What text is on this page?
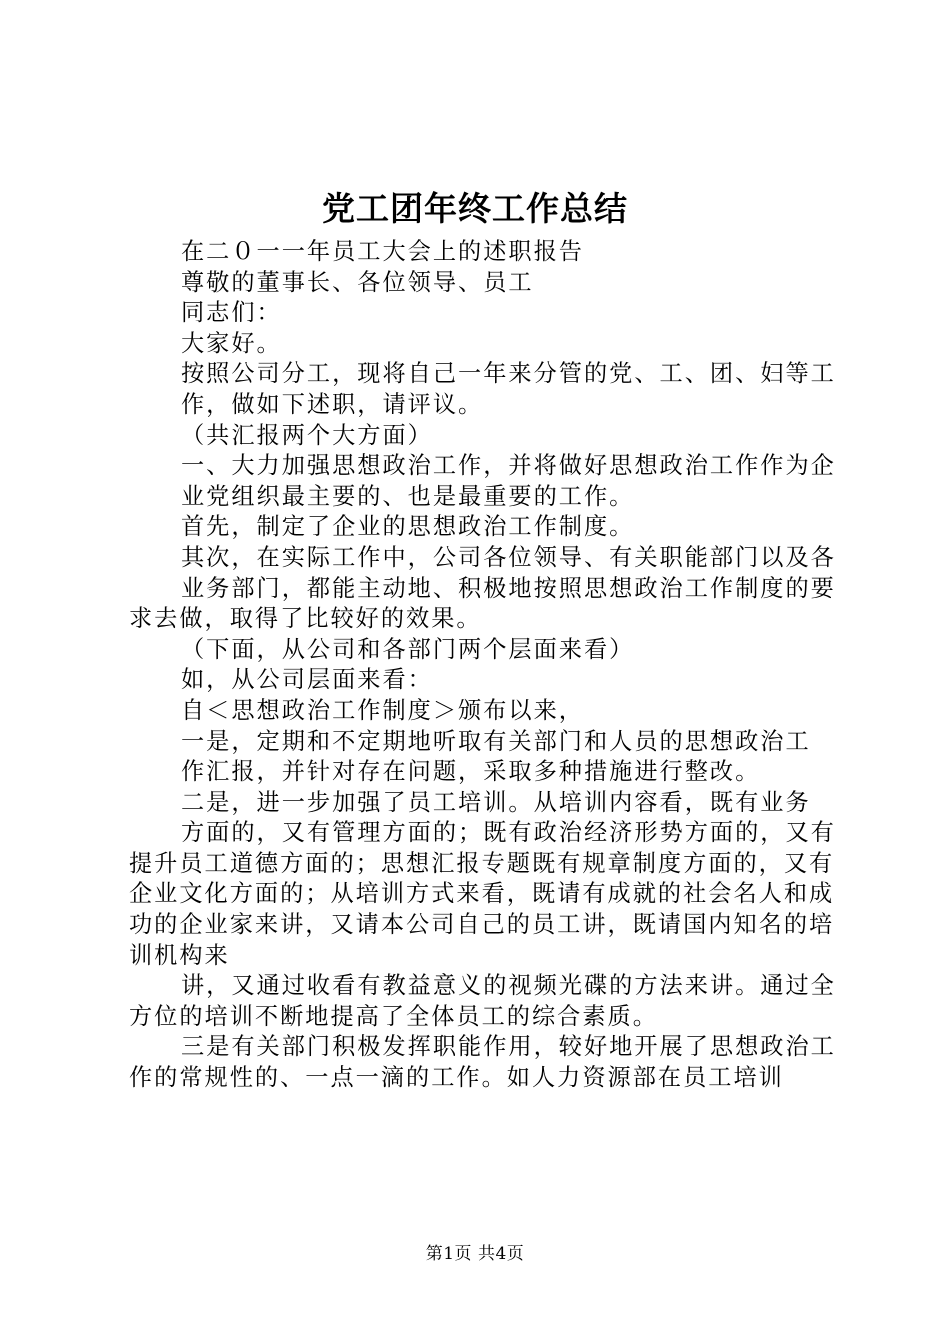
党工团年终工作总结

在二０一一年员工大会上的述职报告

尊敬的董事长、各位领导、员工

同志们：

大家好。

按照公司分工，现将自己一年来分管的党、工、团、妇等工

作，做如下述职，请评议。

（共汇报两个大方面）

一、大力加强思想政治工作，并将做好思想政治工作作为企

业党组织最主要的、也是最重要的工作。

首先，制定了企业的思想政治工作制度。

其次，在实际工作中，公司各位领导、有关职能部门以及各

业务部门，都能主动地、积极地按照思想政治工作制度的要求去做，取得了比较好的效果。

（下面，从公司和各部门两个层面来看）

如，从公司层面来看：

自＜思想政治工作制度＞颁布以来，

一是，定期和不定期地听取有关部门和人员的思想政治工

作汇报，并针对存在问题，采取多种措施进行整改。

二是，进一步加强了员工培训。从培训内容看，既有业务

方面的，又有管理方面的；既有政治经济形势方面的，又有提升员工道德方面的；思想汇报专题既有规章制度方面的，又有企业文化方面的；从培训方式来看，既请有成就的社会名人和成功的企业家来讲，又请本公司自己的员工讲，既请国内知名的培训机构来

讲，又通过收看有教益意义的视频光碟的方法来讲。通过全方位的培训不断地提高了全体员工的综合素质。

三是有关部门积极发挥职能作用，较好地开展了思想政治工作的常规性的、一点一滴的工作。如人力资源部在员工培训

第1页 共4页
